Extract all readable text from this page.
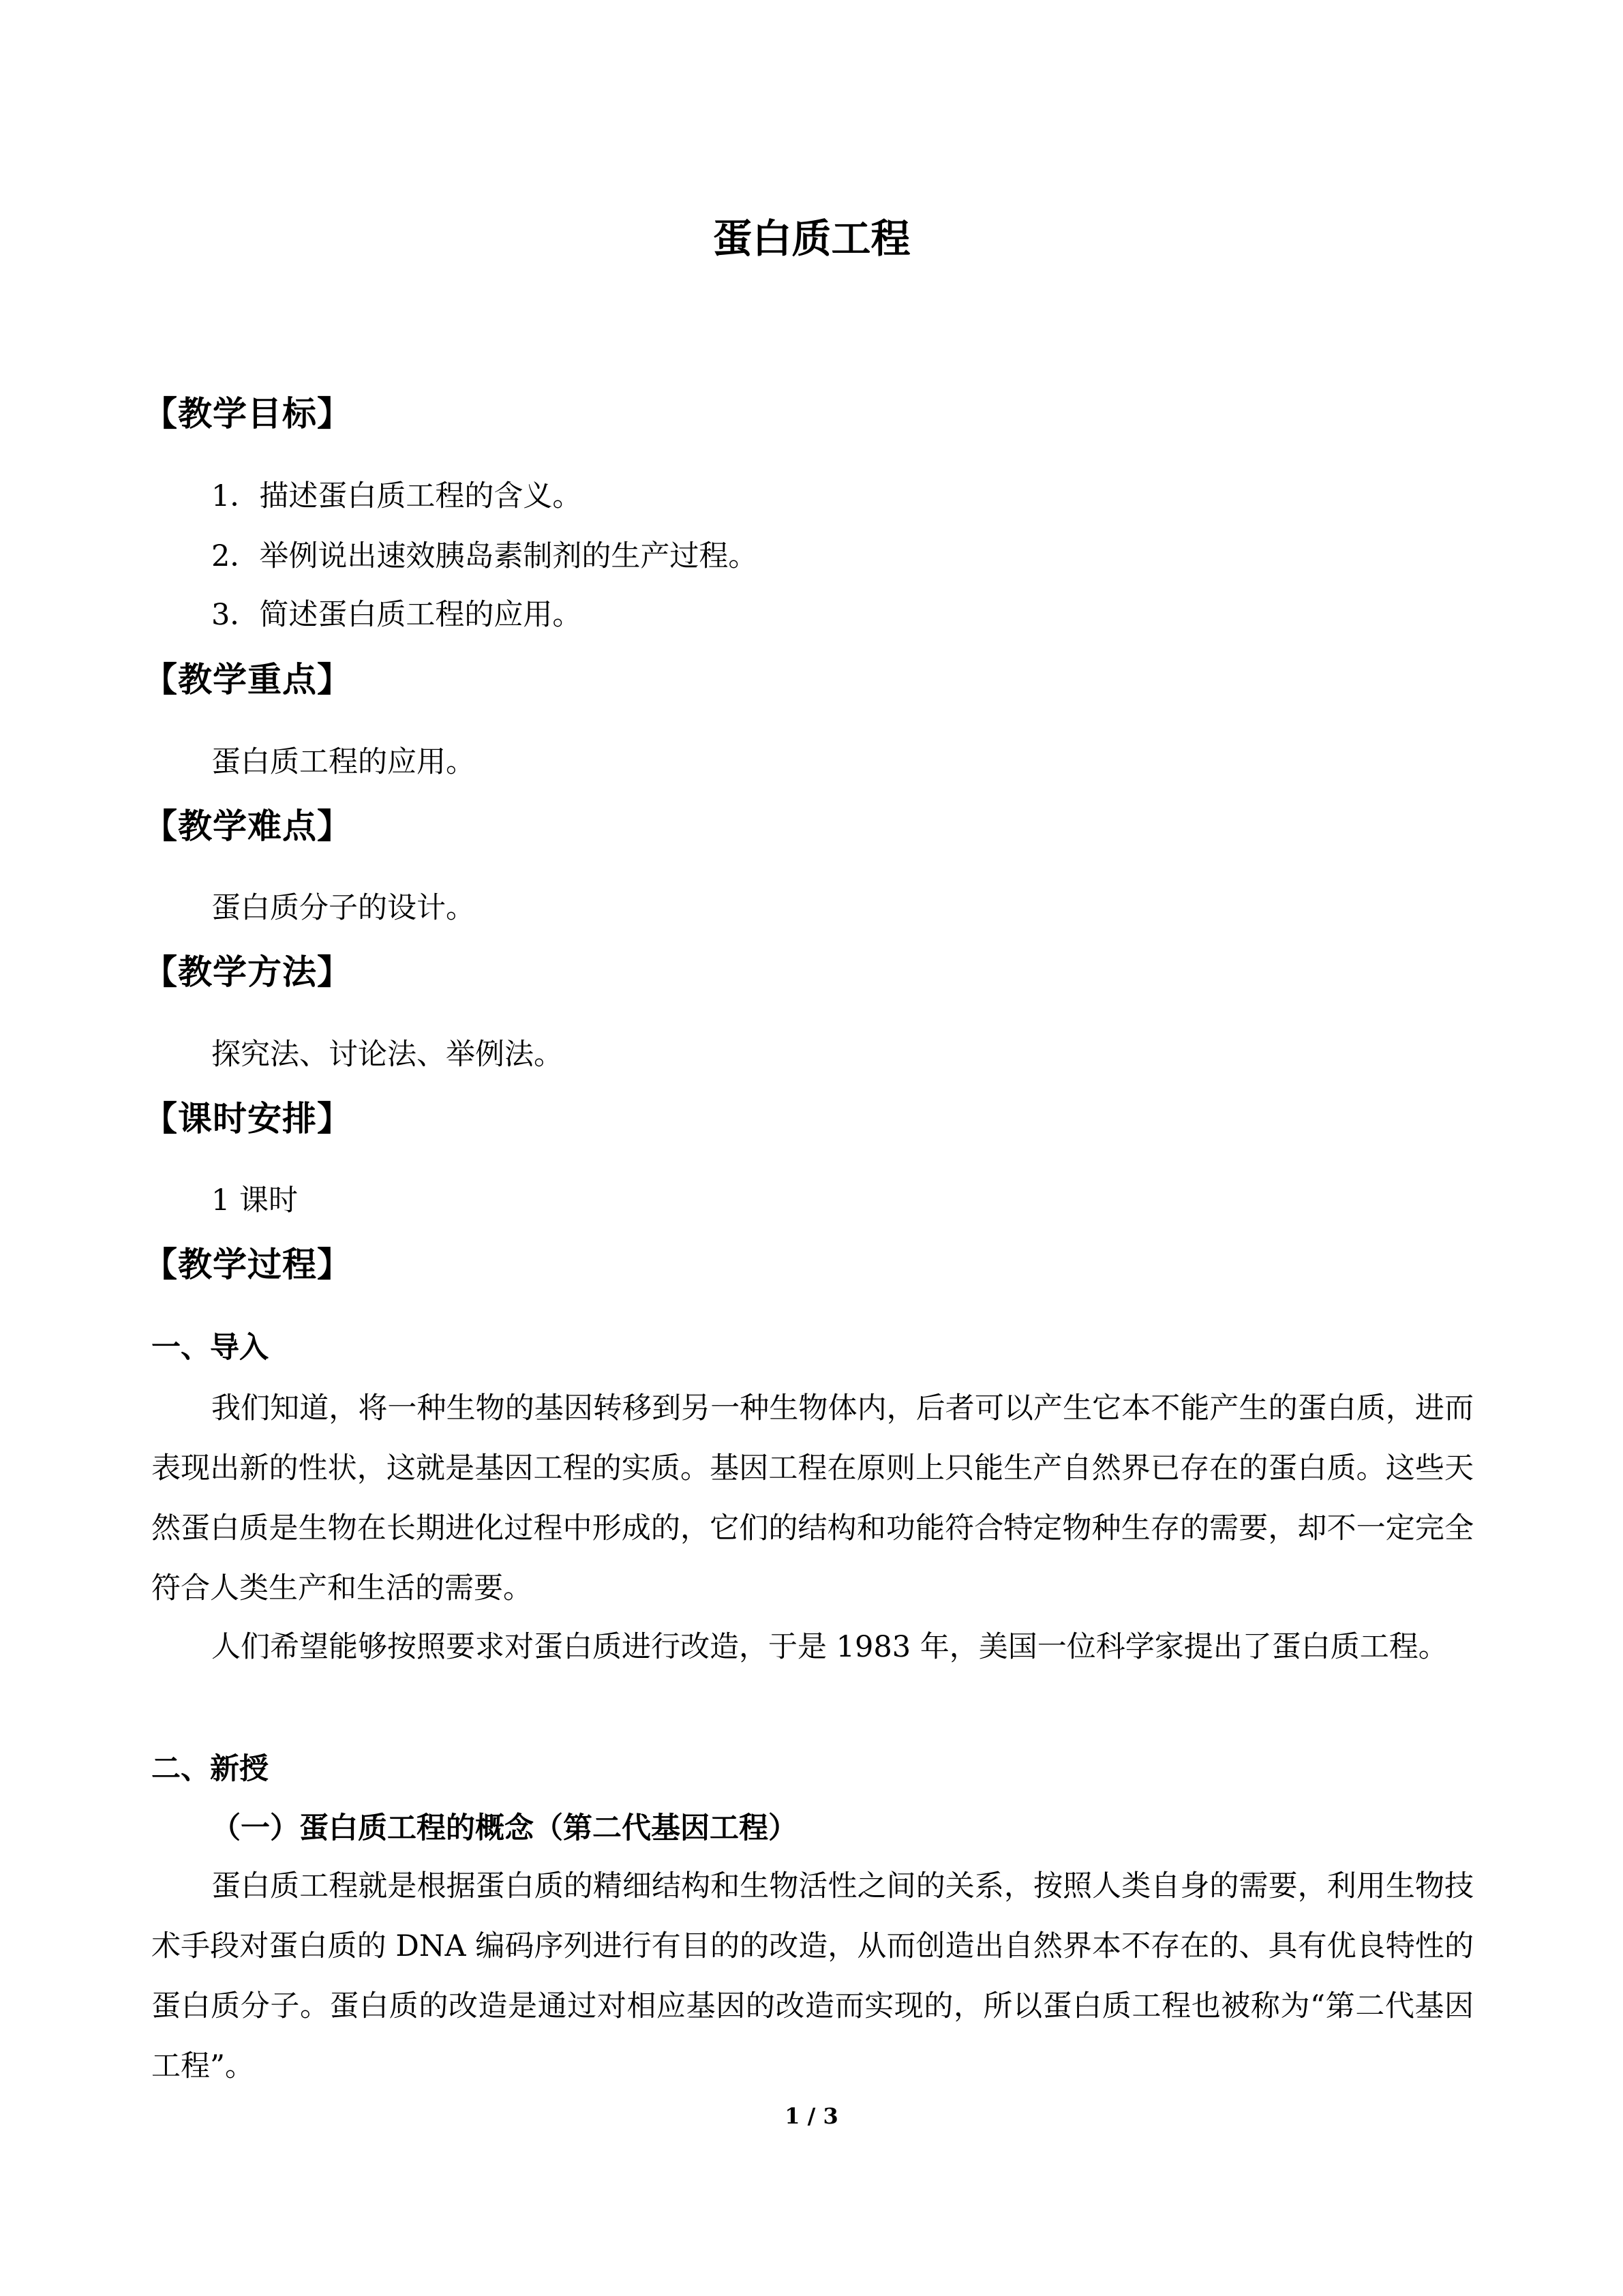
蛋白质工程
【教学目标】
1．描述蛋白质工程的含义。
2．举例说出速效胰岛素制剂的生产过程。
3．简述蛋白质工程的应用。
【教学重点】
蛋白质工程的应用。
【教学难点】
蛋白质分子的设计。
【教学方法】
探究法、讨论法、举例法。
【课时安排】
1 课时
【教学过程】
一、导入

我们知道，将一种生物的基因转移到另一种生物体内，后者可以产生它本不能产生的蛋白质，进而表现出新的性状，这就是基因工程的实质。基因工程在原则上只能生产自然界已存在的蛋白质。这些天然蛋白质是生物在长期进化过程中形成的，它们的结构和功能符合特定物种生存的需要，却不一定完全符合人类生产和生活的需要。

人们希望能够按照要求对蛋白质进行改造，于是 1983 年，美国一位科学家提出了蛋白质工程。

二、新授
（一）蛋白质工程的概念（第二代基因工程）

蛋白质工程就是根据蛋白质的精细结构和生物活性之间的关系，按照人类自身的需要，利用生物技术手段对蛋白质的 DNA 编码序列进行有目的的改造，从而创造出自然界本不存在的、具有优良特性的蛋白质分子。蛋白质的改造是通过对相应基因的改造而实现的，所以蛋白质工程也被称为“第二代基因工程”。

1 / 3
